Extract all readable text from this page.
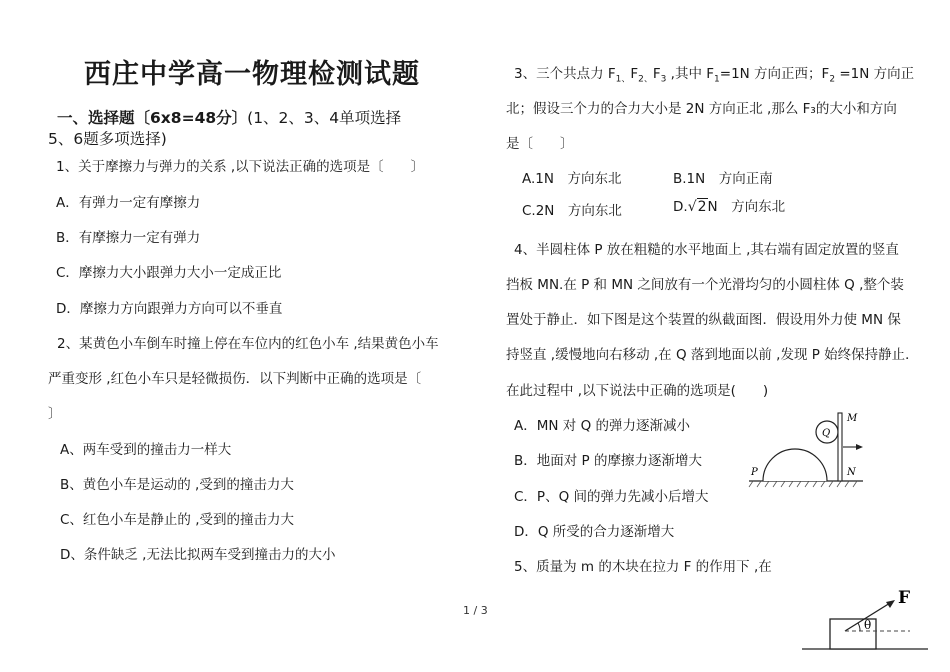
西庄中学高一物理检测试题
一、选择题〔6x8=48分〕(1、2、3、4单项选择
5、6题多项选择)
1、关于摩擦力与弹力的关系 ,以下说法正确的选项是〔　　〕
A．有弹力一定有摩擦力
B．有摩擦力一定有弹力
C．摩擦力大小跟弹力大小一定成正比
D．摩擦力方向跟弹力方向可以不垂直
2、某黄色小车倒车时撞上停在车位内的红色小车 ,结果黄色小车
严重变形 ,红色小车只是轻微损伤．以下判断中正确的选项是〔
〕
A、两车受到的撞击力一样大
B、黄色小车是运动的 ,受到的撞击力大
C、红色小车是静止的 ,受到的撞击力大
D、条件缺乏 ,无法比拟两车受到撞击力的大小
3、三个共点力 $F_{1、}F_{2、}F_3$ ,其中 $F_1=1N$ 方向正西；$F_2 =1N$ 方向正
北；假设三个力的合力大小是 2N 方向正北 ,那么 F₃的大小和方向
是〔　　〕
A.1N　方向东北	B.1N　方向正南
C.2N　方向东北	D.√2N　方向东北
4、半圆柱体 P 放在粗糙的水平地面上 ,其右端有固定放置的竖直
挡板 MN.在 P 和 MN 之间放有一个光滑均匀的小圆柱体 Q ,整个装
置处于静止．如下图是这个装置的纵截面图．假设用外力使 MN 保
持竖直 ,缓慢地向右移动 ,在 Q 落到地面以前 ,发现 P 始终保持静止．
在此过程中 ,以下说法中正确的选项是(　　)
A．MN 对 Q 的弹力逐渐减小
B．地面对 P 的摩擦力逐渐增大
C．P、Q 间的弹力先减小后增大
D．Q 所受的合力逐渐增大
M
Q
P	N
5、质量为 m 的木块在拉力 F 的作用下 ,在
θ
F
1 / 3
